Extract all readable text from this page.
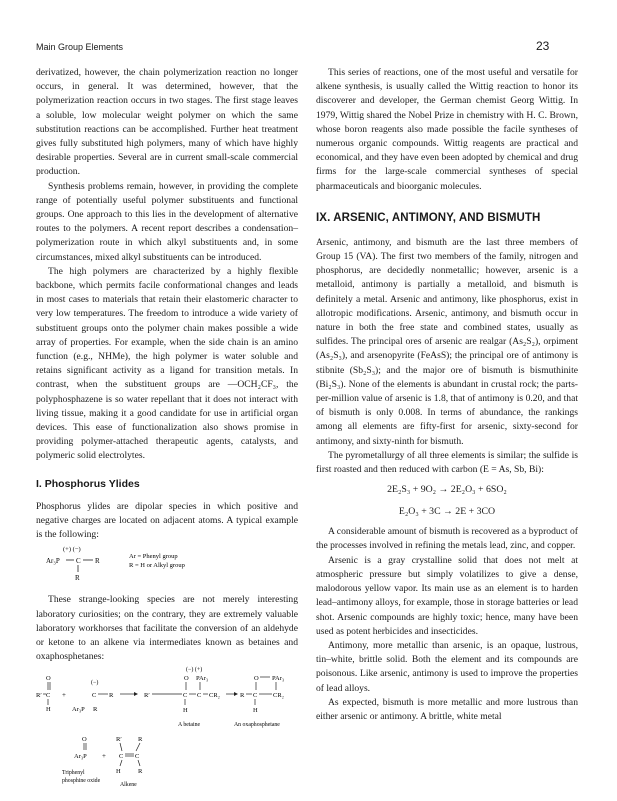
Main Group Elements	23

derivatized, however, the chain polymerization reaction no longer occurs, in general. It was determined, however, that the polymerization reaction occurs in two stages. The first stage leaves a soluble, low molecular weight polymer on which the same substitution reactions can be accomplished. Further heat treatment gives fully substituted high polymers, many of which have highly desirable properties. Several are in current small-scale commercial production.

Synthesis problems remain, however, in providing the complete range of potentially useful polymer substituents and functional groups. One approach to this lies in the development of alternative routes to the polymers. A recent report describes a condensation–polymerization route in which alkyl substituents and, in some circumstances, mixed alkyl substituents can be introduced.

The high polymers are characterized by a highly flexible backbone, which permits facile conformational changes and leads in most cases to materials that retain their elastomeric character to very low temperatures. The freedom to introduce a wide variety of substituent groups onto the polymer chain makes possible a wide array of properties. For example, when the side chain is an amino function (e.g., NHMe), the high polymer is water soluble and retains significant activity as a ligand for transition metals. In contrast, when the substituent groups are —OCH₂CF₃, the polyphosphazene is so water repellant that it does not interact with living tissue, making it a good candidate for use in artificial organ devices. This ease of functionalization also shows promise in providing polymer-attached therapeutic agents, catalysts, and polymeric solid electrolytes.

I. Phosphorus Ylides

Phosphorus ylides are dipolar species in which positive and negative charges are located on adjacent atoms. A typical example is the following:

(+) (−)
Ar₃P C R
R
Ar = Phenyl group
R = H or Alkyl group

These strange-looking species are not merely interesting laboratory curiosities; on the contrary, they are extremely valuable laboratory workhorses that facilitate the conversion of an aldehyde or ketone to an alkene via intermediates known as betaines and oxaphosphetanes:

(−) (+)
O
R′ C
H
+
(−)
C R
Ar₃P R
O PAr₃
R′	C C CR₂
H
A betaine
O PAr₃
R C CR₂
H
An oxaphosphetane
O
Ar₃P +
R′ R
C C
H	R
Triphenyl
phosphine oxide
Alkene

This series of reactions, one of the most useful and versatile for alkene synthesis, is usually called the Wittig reaction to honor its discoverer and developer, the German chemist Georg Wittig. In 1979, Wittig shared the Nobel Prize in chemistry with H. C. Brown, whose boron reagents also made possible the facile syntheses of numerous organic compounds. Wittig reagents are practical and economical, and they have even been adopted by chemical and drug firms for the large-scale commercial syntheses of special pharmaceuticals and bioorganic molecules.

IX. ARSENIC, ANTIMONY, AND BISMUTH

Arsenic, antimony, and bismuth are the last three members of Group 15 (VA). The first two members of the family, nitrogen and phosphorus, are decidedly nonmetallic; however, arsenic is a metalloid, antimony is partially a metalloid, and bismuth is definitely a metal. Arsenic and antimony, like phosphorus, exist in allotropic modifications. Arsenic, antimony, and bismuth occur in nature in both the free state and combined states, usually as sulfides. The principal ores of arsenic are realgar (As₂S₂), orpiment (As₂S₃), and arsenopyrite (FeAsS); the principal ore of antimony is stibnite (Sb₂S₃); and the major ore of bismuth is bismuthinite (Bi₂S₃). None of the elements is abundant in crustal rock; the parts-per-million value of arsenic is 1.8, that of antimony is 0.20, and that of bismuth is only 0.008. In terms of abundance, the rankings among all elements are fifty-first for arsenic, sixty-second for antimony, and sixty-ninth for bismuth.

The pyrometallurgy of all three elements is similar; the sulfide is first roasted and then reduced with carbon (E = As, Sb, Bi):

2E₂S₃ + 9O₂ → 2E₂O₃ + 6SO₂
E₂O₃ + 3C → 2E + 3CO

A considerable amount of bismuth is recovered as a byproduct of the processes involved in refining the metals lead, zinc, and copper.

Arsenic is a gray crystalline solid that does not melt at atmospheric pressure but simply volatilizes to give a dense, malodorous yellow vapor. Its main use as an element is to harden lead–antimony alloys, for example, those in storage batteries or lead shot. Arsenic compounds are highly toxic; hence, many have been used as potent herbicides and insecticides.

Antimony, more metallic than arsenic, is an opaque, lustrous, tin–white, brittle solid. Both the element and its compounds are poisonous. Like arsenic, antimony is used to improve the properties of lead alloys.

As expected, bismuth is more metallic and more lustrous than either arsenic or antimony. A brittle, white metal
